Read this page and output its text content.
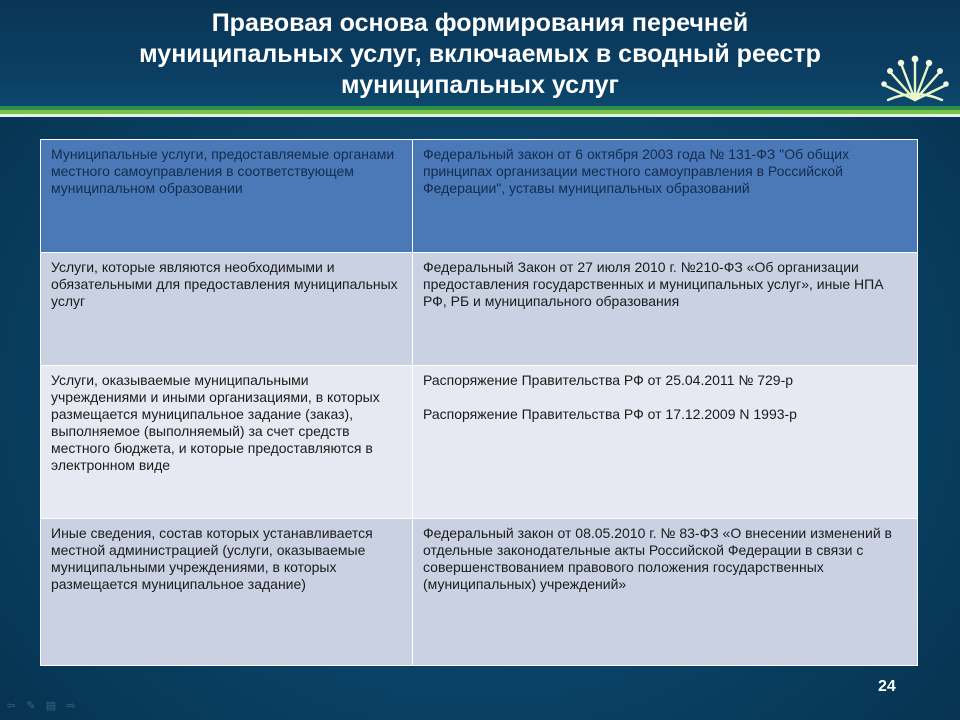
Правовая основа формирования перечней
муниципальных услуг, включаемых в сводный реестр
муниципальных услуг
Муниципальные услуги, предоставляемые органами местного самоуправления в соответствующем муниципальном образовании	Федеральный закон от 6 октября 2003 года № 131-ФЗ "Об общих принципах организации местного самоуправления в Российской Федерации", уставы муниципальных образований

Услуги, которые являются необходимыми и обязательными для предоставления муниципальных услуг	Федеральный Закон от 27 июля 2010 г. №210-ФЗ «Об организации предоставления государственных и муниципальных услуг», иные НПА РФ, РБ и муниципального образования

Услуги, оказываемые муниципальными учреждениями и иными организациями, в которых размещается муниципальное задание (заказ), выполняемое (выполняемый) за счет средств местного бюджета, и которые предоставляются в электронном виде	Распоряжение Правительства РФ от 25.04.2011 № 729-р
Распоряжение Правительства РФ от 17.12.2009 N 1993-р

Иные сведения, состав которых устанавливается местной администрацией (услуги, оказываемые муниципальными учреждениями, в которых размещается муниципальное задание)	Федеральный закон от 08.05.2010 г. № 83-ФЗ «О внесении изменений в отдельные законодательные акты Российской Федерации в связи с совершенствованием правового положения государственных (муниципальных) учреждений»
24
⇦ ✎ ▤ ⇨
